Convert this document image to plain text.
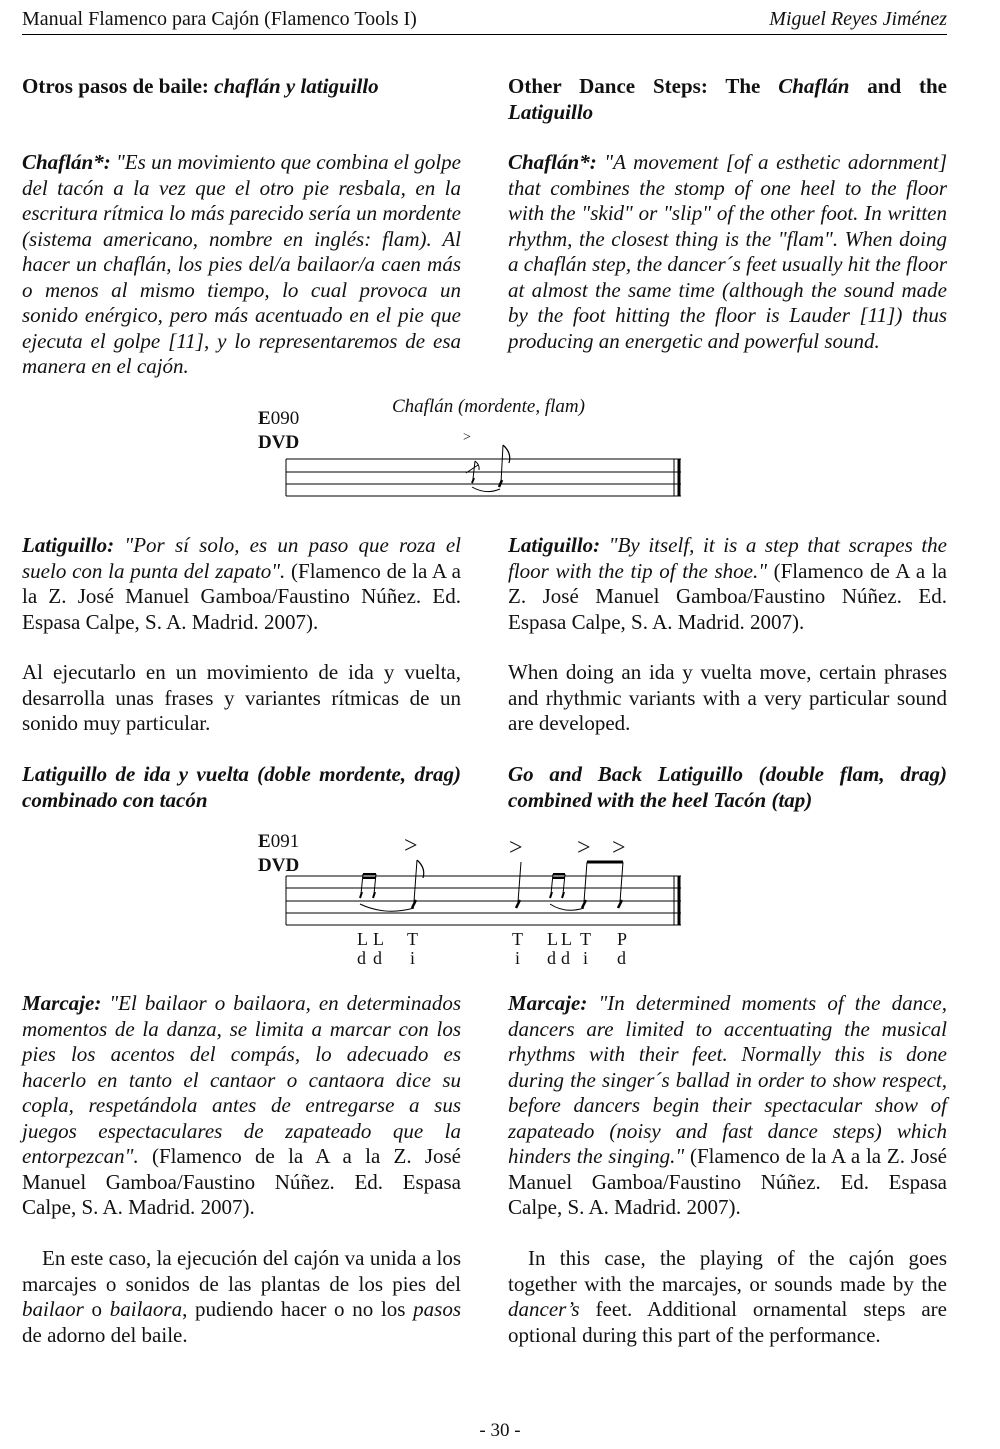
Manual Flamenco para Cajón (Flamenco Tools I)	Miguel Reyes Jiménez

Otros pasos de baile: chaflán y latiguillo	Other Dance Steps: The Chaflán and the Latiguillo

Chaflán*: "Es un movimiento que combina el golpe del tacón a la vez que el otro pie resbala, en la escritura rítmica lo más parecido sería un mordente (sistema americano, nombre en inglés: flam). Al hacer un chaflán, los pies del/a bailaor/a caen más o menos al mismo tiempo, lo cual provoca un sonido enérgico, pero más acentuado en el pie que ejecuta el golpe [11], y lo representaremos de esa manera en el cajón.

Chaflán*: "A movement [of a esthetic adornment] that combines the stomp of one heel to the floor with the "skid" or "slip" of the other foot. In written rhythm, the closest thing is the "flam". When doing a chaflán step, the dancer´s feet usually hit the floor at almost the same time (although the sound made by the foot hitting the floor is Lauder [11]) thus producing an energetic and powerful sound.

E090
DVD
Chaflán (mordente, flam)
>

Latiguillo: "Por sí solo, es un paso que roza el suelo con la punta del zapato". (Flamenco de la A a la Z. José Manuel Gamboa/Faustino Núñez. Ed. Espasa Calpe, S. A. Madrid. 2007).

Latiguillo: "By itself, it is a step that scrapes the floor with the tip of the shoe." (Flamenco de A a la Z. José Manuel Gamboa/Faustino Núñez. Ed. Espasa Calpe, S. A. Madrid. 2007).

Al ejecutarlo en un movimiento de ida y vuelta, desarrolla unas frases y variantes rítmicas de un sonido muy particular.

When doing an ida y vuelta move, certain phrases and rhythmic variants with a very particular sound are developed.

Latiguillo de ida y vuelta (doble mordente, drag) combinado con tacón

Go and Back Latiguillo (double flam, drag) combined with the heel Tacón (tap)

E091
DVD
>	> > >
L
d
L
d
T
i
T
i
L
d
L
d
T
i
P
d

Marcaje: "El bailaor o bailaora, en determinados momentos de la danza, se limita a marcar con los pies los acentos del compás, lo adecuado es hacerlo en tanto el cantaor o cantaora dice su copla, respetándola antes de entregarse a sus juegos espectaculares de zapateado que la entorpezcan". (Flamenco de la A a la Z. José Manuel Gamboa/Faustino Núñez. Ed. Espasa Calpe, S. A. Madrid. 2007).

Marcaje: "In determined moments of the dance, dancers are limited to accentuating the musical rhythms with their feet. Normally this is done during the singer´s ballad in order to show respect, before dancers begin their spectacular show of zapateado (noisy and fast dance steps) which hinders the singing." (Flamenco de la A a la Z. José Manuel Gamboa/Faustino Núñez. Ed. Espasa Calpe, S. A. Madrid. 2007).

En este caso, la ejecución del cajón va unida a los marcajes o sonidos de las plantas de los pies del bailaor o bailaora, pudiendo hacer o no los pasos de adorno del baile.

In this case, the playing of the cajón goes together with the marcajes, or sounds made by the dancer’s feet. Additional ornamental steps are optional during this part of the performance.

- 30 -
